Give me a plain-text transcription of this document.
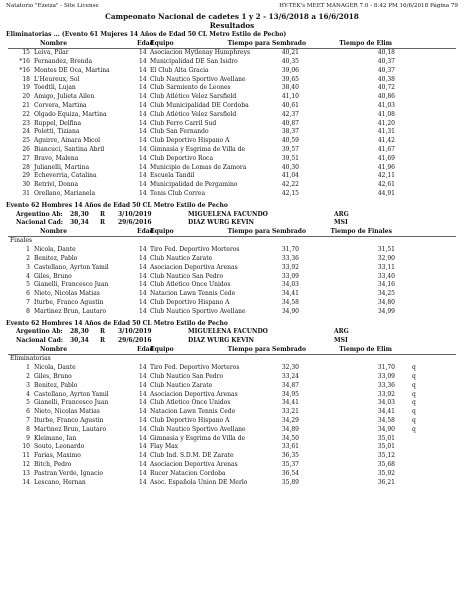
Natatorio "Ezeiza" - Site License	HY-TEK's MEET MANAGER 7.0 - 8:42 PM 16/6/2018 Página 79
Campeonato Nacional de cadetes 1 y 2 - 13/6/2018 a 16/6/2018
Resultados
Eliminatorias ... (Evento 61 Mujeres 14 Años de Edad 50 CL Metro Estilo de Pecho)
Nombre	Edad
Equipo	Tiempo para Sembrado	Tiempo de Elim
15 Leiva, Pilar	14 Asociacion Mytlenay Humphreys	40,21	40,18
*16 Fernandez, Brenda	14 Municipalidad DE San Isidro	40,35	40,37
*16 Montes DE Oca, Martina	14 El Club Alta Gracia	39,06	40,37
18 L'Heureux, Sol	14 Club Nautico Sportivo Avellane	39,65	40,38
19 Toedtli, Lujan	14 Club Sarmiento de Leones	38,40	40,72
20 Amigo, Julieta Ailen	14 Club Atlético Velez Sarsfield	41,10	40,86
21 Corvera, Martina	14 Club Municipalidad DE Cordoba	40,61	41,03
22 Olgado Equiza, Martina	14 Club Atlético Velez Sarsfield	42,37	41,08
23 Ruppel, Delfina	14 Club Ferro Carril Sud	40,87	41,20
24 Poletti, Tiziana	14 Club San Fernando	38,37	41,31
25 Aguirre, Ainara Micol	14 Club Deportivo Hispano A	40,59	41,42
26 Biancuci, Santina Abril	14 Gimnasia y Esgrima de Villa de	39,57	41,67
27 Bravo, Malena	14 Club Deportivo Roca	39,51	41,69
28 Julianelli, Martina	14 Municipio de Lomas de Zamora	40,30	41,96
29 Echeverria, Catalina	14 Escuela Tandil	41,04	42,11
30 Retriví, Donna	14 Municipalidad de Pergamino	42,22	42,61
31 Orellano, Marianela	14 Tenis Club Correa	42,15	44,91
Evento 62 Hombres 14 Años de Edad 50 CL Metro Estilo de Pecho
Argentino Ab: 28,30 R 3/10/2019	MIGUELENA FACUNDO	ARG
Nacional Cad: 30,34 R 29/6/2016	DIAZ WURG KEVIN	MSI
Nombre	Edad
Equipo	Tiempo para Sembrado	Tiempo de Finales
Finales
1 Nicola, Dante	14 Tiro Fed. Deportivo Morteros	31,70	31,51
2 Benitez, Pablo	14 Club Nautico Zarate	33,36	32,90
3 Castellano, Ayrton Yamil	14 Asociacion Deportiva Arenas	33,92	33,11
4 Giles, Bruno	14 Club Nautico San Pedro	33,09	33,40
5 Gianelli, Francesco Juan	14 Club Atletico Once Unidos	34,03	34,16
6 Nieto, Nicolas Matias	14 Natacion Lawn Tennis Cede	34,41	34,25
7 Iturbe, Franco Agustin	14 Club Deportivo Hispano A	34,58	34,80
8 Martinez Brun, Lautaro	14 Club Nautico Sportivo Avellane	34,90	34,99
Evento 62 Hombres 14 Años de Edad 50 CL Metro Estilo de Pecho
Argentino Ab: 28,30 R 3/10/2019	MIGUELENA FACUNDO	ARG
Nacional Cad: 30,34 R 29/6/2016	DIAZ WURG KEVIN	MSI
Nombre	Edad
Equipo	Tiempo para Sembrado	Tiempo de Elim
Eliminatorias
1 Nicola, Dante	14 Tiro Fed. Deportivo Morteros	32,30	31,70	q
2 Giles, Bruno	14 Club Nautico San Pedro	33,24	33,09	q
3 Benitez, Pablo	14 Club Nautico Zarate	34,87	33,36	q
4 Castellano, Ayrton Yamil	14 Asociacion Deportiva Arenas	34,95	33,92	q
5 Gianelli, Francesco Juan	14 Club Atletico Once Unidos	34,41	34,03	q
6 Nieto, Nicolas Matias	14 Natacion Lawn Tennis Cede	33,21	34,41	q
7 Iturbe, Franco Agustin	14 Club Deportivo Hispano A	34,29	34,58	q
8 Martinez Brun, Lautaro	14 Club Nautico Sportivo Avellane	34,89	34,90	q
9 Kleimane, Ian	14 Gimnasia y Esgrima de Villa de	34,50	35,01
10 Souto, Leonardo	14 Flay Max	33,61	35,01
11 Farias, Maximo	14 Club Ind. S.D.M. DE Zarate	36,35	35,12
12 Bitch, Pedro	14 Asociacion Deportiva Arenas	35,37	35,68
13 Pastran Verde, Ignacio	14 Rucer Natacion Cordoba	36,54	35,92
14 Lescano, Hernan	14 Asoc. Española Union DE Merlo	35,89	36,21
